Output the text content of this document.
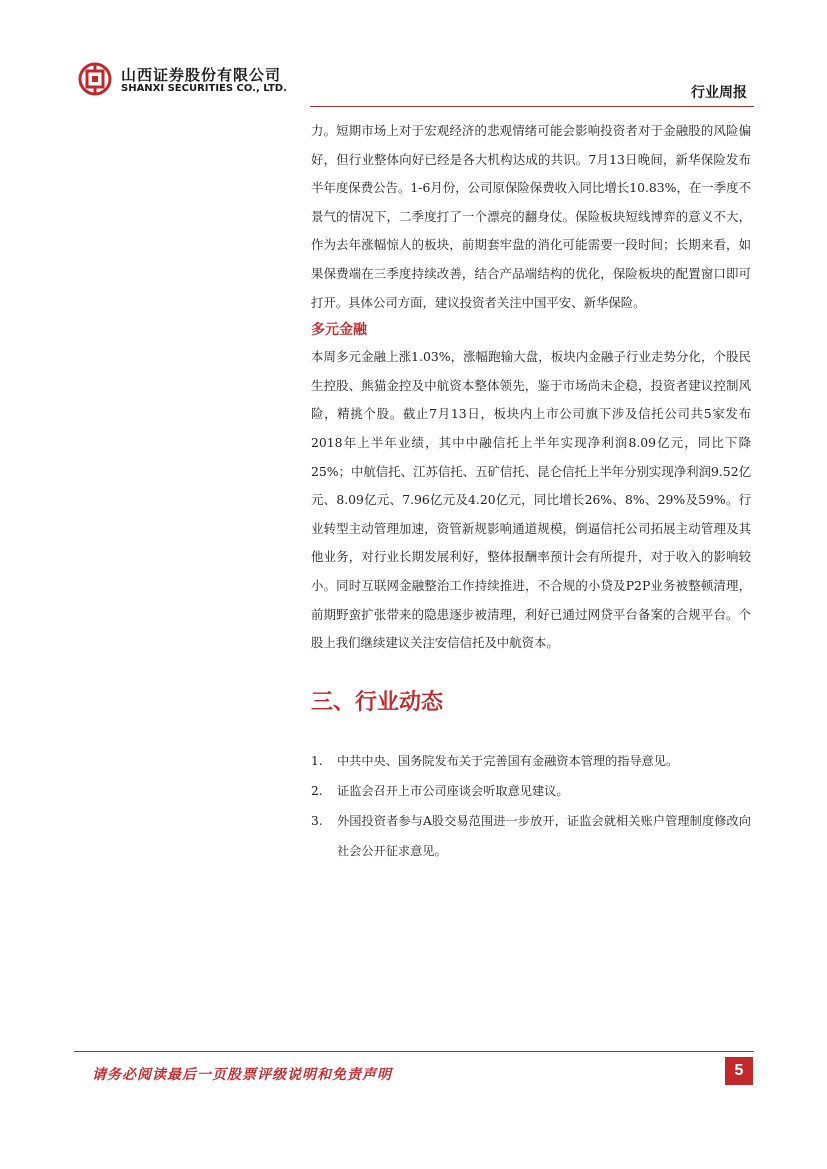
山西证券股份有限公司
SHANXI SECURITIES CO., LTD.	行业周报

力。短期市场上对于宏观经济的悲观情绪可能会影响投资者对于金融股的风险偏好，但行业整体向好已经是各大机构达成的共识。7月13日晚间，新华保险发布半年度保费公告。1-6月份，公司原保险保费收入同比增长10.83%，在一季度不景气的情况下，二季度打了一个漂亮的翻身仗。保险板块短线博弈的意义不大，作为去年涨幅惊人的板块，前期套牢盘的消化可能需要一段时间；长期来看，如果保费端在三季度持续改善，结合产品端结构的优化，保险板块的配置窗口即可打开。具体公司方面，建议投资者关注中国平安、新华保险。

多元金融

本周多元金融上涨1.03%，涨幅跑输大盘，板块内金融子行业走势分化，个股民生控股、熊猫金控及中航资本整体领先，鉴于市场尚未企稳，投资者建议控制风险，精挑个股。截止7月13日，板块内上市公司旗下涉及信托公司共5家发布2018年上半年业绩，其中中融信托上半年实现净利润8.09亿元，同比下降25%；中航信托、江苏信托、五矿信托、昆仑信托上半年分别实现净利润9.52亿元、8.09亿元、7.96亿元及4.20亿元，同比增长26%、8%、29%及59%。行业转型主动管理加速，资管新规影响通道规模，倒逼信托公司拓展主动管理及其他业务，对行业长期发展利好，整体报酬率预计会有所提升，对于收入的影响较小。同时互联网金融整治工作持续推进，不合规的小贷及P2P业务被整顿清理，前期野蛮扩张带来的隐患逐步被清理，利好已通过网贷平台备案的合规平台。个股上我们继续建议关注安信信托及中航资本。

三、行业动态
1. 中共中央、国务院发布关于完善国有金融资本管理的指导意见。
2. 证监会召开上市公司座谈会听取意见建议。
3. 外国投资者参与A股交易范围进一步放开，证监会就相关账户管理制度修改向社会公开征求意见。
请务必阅读最后一页股票评级说明和免责声明	5
